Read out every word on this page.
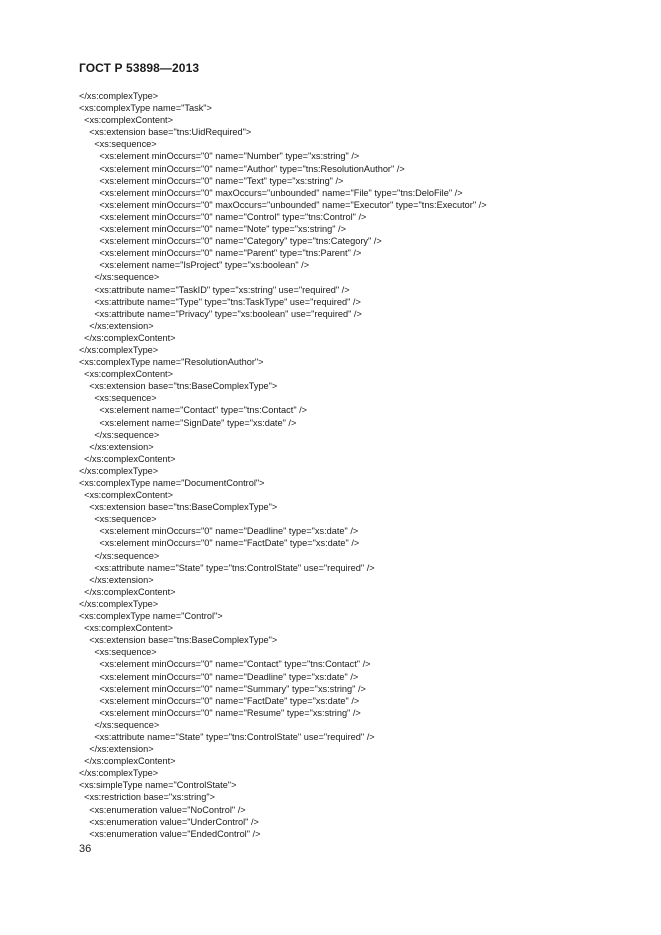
ГОСТ Р 53898—2013
</xs:complexType>
<xs:complexType name="Task">
<xs:complexContent>
<xs:extension base="tns:UidRequired">
<xs:sequence>
<xs:element minOccurs="0" name="Number" type="xs:string" />
<xs:element minOccurs="0" name="Author" type="tns:ResolutionAuthor" />
<xs:element minOccurs="0" name="Text" type="xs:string" />
<xs:element minOccurs="0" maxOccurs="unbounded" name="File" type="tns:DeloFile" />
<xs:element minOccurs="0" maxOccurs="unbounded" name="Executor" type="tns:Executor" />
<xs:element minOccurs="0" name="Control" type="tns:Control" />
<xs:element minOccurs="0" name="Note" type="xs:string" />
<xs:element minOccurs="0" name="Category" type="tns:Category" />
<xs:element minOccurs="0" name="Parent" type="tns:Parent" />
<xs:element name="IsProject" type="xs:boolean" />
</xs:sequence>
<xs:attribute name="TaskID" type="xs:string" use="required" />
<xs:attribute name="Type" type="tns:TaskType" use="required" />
<xs:attribute name="Privacy" type="xs:boolean" use="required" />
</xs:extension>
</xs:complexContent>
</xs:complexType>
<xs:complexType name="ResolutionAuthor">
<xs:complexContent>
<xs:extension base="tns:BaseComplexType">
<xs:sequence>
<xs:element name="Contact" type="tns:Contact" />
<xs:element name="SignDate" type="xs:date" />
</xs:sequence>
</xs:extension>
</xs:complexContent>
</xs:complexType>
<xs:complexType name="DocumentControl">
<xs:complexContent>
<xs:extension base="tns:BaseComplexType">
<xs:sequence>
<xs:element minOccurs="0" name="Deadline" type="xs:date" />
<xs:element minOccurs="0" name="FactDate" type="xs:date" />
</xs:sequence>
<xs:attribute name="State" type="tns:ControlState" use="required" />
</xs:extension>
</xs:complexContent>
</xs:complexType>
<xs:complexType name="Control">
<xs:complexContent>
<xs:extension base="tns:BaseComplexType">
<xs:sequence>
<xs:element minOccurs="0" name="Contact" type="tns:Contact" />
<xs:element minOccurs="0" name="Deadline" type="xs:date" />
<xs:element minOccurs="0" name="Summary" type="xs:string" />
<xs:element minOccurs="0" name="FactDate" type="xs:date" />
<xs:element minOccurs="0" name="Resume" type="xs:string" />
</xs:sequence>
<xs:attribute name="State" type="tns:ControlState" use="required" />
</xs:extension>
</xs:complexContent>
</xs:complexType>
<xs:simpleType name="ControlState">
<xs:restriction base="xs:string">
<xs:enumeration value="NoControl" />
<xs:enumeration value="UnderControl" />
<xs:enumeration value="EndedControl" />
36
